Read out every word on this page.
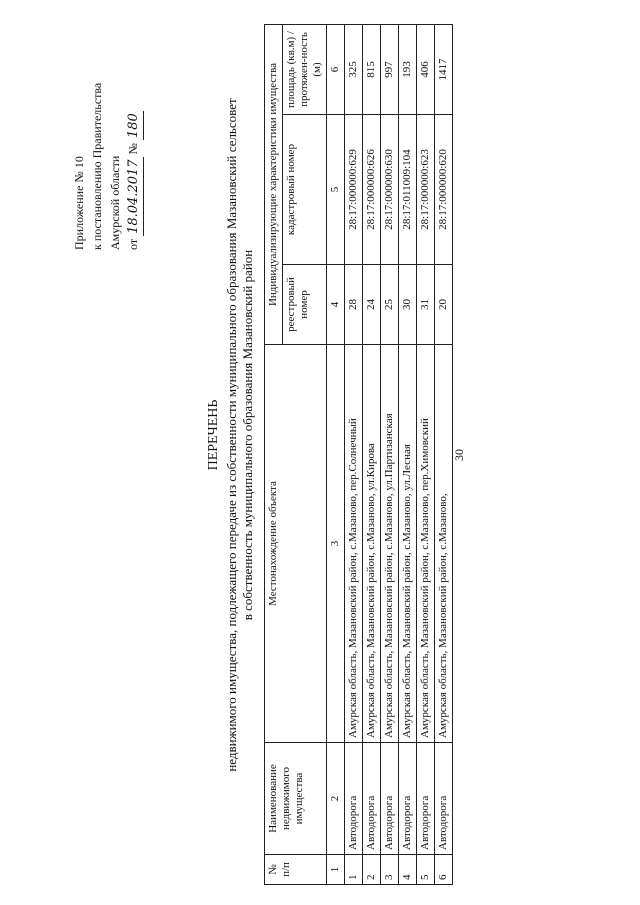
30
Приложение № 10 к постановлению Правительства Амурской области от 18.04.2017 № 180
ПЕРЕЧЕНЬ недвижимого имущества, подлежащего передаче из собственности муниципального образования Мазановский сельсовет в собственность муниципального образования Мазановский район
№ п/п	Наименование недвижимого имущества	Местонахождение объекта	Индивидуализирующие характеристики имущества		
			реестровый номер	кадастровый номер	площадь (кв.м) / протяжен-ность (м)
1	2	3	4	5	6
1	Автодорога	Амурская область, Мазановский район, с.Мазаново, пер.Солнечный	28	28:17:000000:629	325
2	Автодорога	Амурская область, Мазановский район, с.Мазаново, ул.Кирова	24	28:17:000000:626	815
3	Автодорога	Амурская область, Мазановский район, с.Мазаново, ул.Партизанская	25	28:17:000000:630	997
4	Автодорога	Амурская область, Мазановский район, с.Мазаново, ул.Лесная	30	28:17:011009:104	193
5	Автодорога	Амурская область, Мазановский район, с.Мазаново, пер.Химовский	31	28:17:000000:623	406
6	Автодорога	Амурская область, Мазановский район, с.Мазаново,	20	28:17:000000:620	1417
